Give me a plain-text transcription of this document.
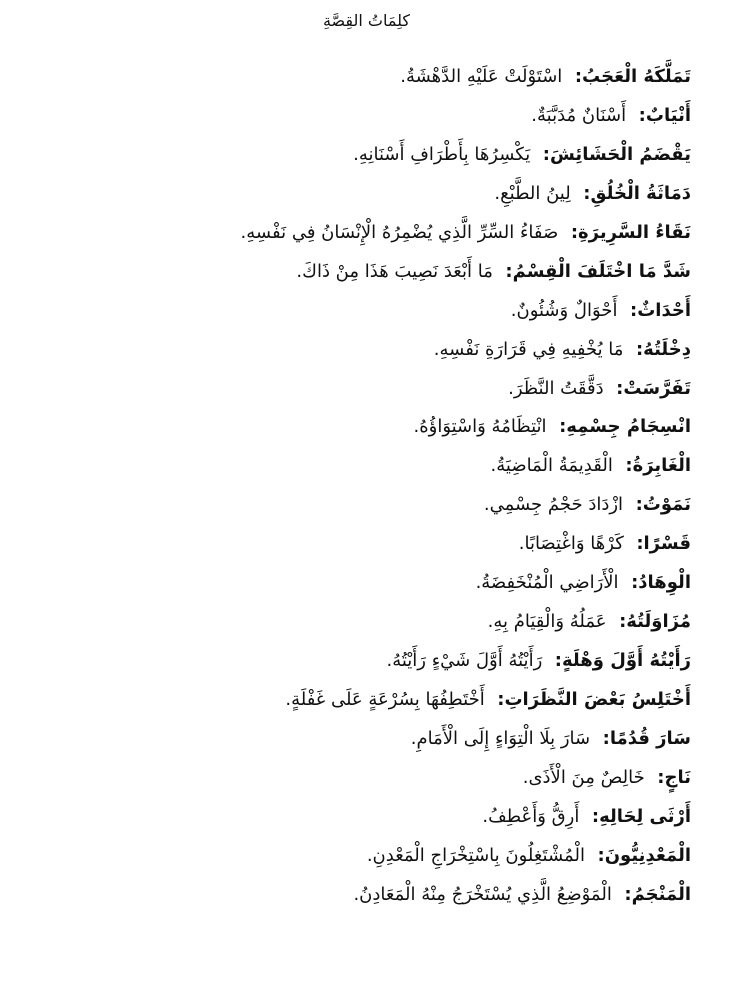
كلِمَاتُ القِصَّةِ
تَمَلَّكَهُ الْعَجَبُ:  اسْتَوْلَتْ عَلَيْهِ الدَّهْشَةُ.
أَنْيَابٌ:  أَسْنَانٌ مُدَبَّبَةٌ.
يَقْضَمُ الْحَشَائِشَ:  يَكْسِرُهَا بِأَطْرَافِ أَسْنَانِهِ.
دَمَاثَةُ الْخُلُقِ:  لِينُ الطَّبْعِ.
نَقَاءُ السَّرِيرَةِ:  صَفَاءُ السِّرِّ الَّذِي يُضْمِرُهُ الْإِنْسَانُ فِي نَفْسِهِ.
شَدَّ مَا اخْتَلَفَ الْقِسْمُ:  مَا أَبْعَدَ نَصِيبَ هَذَا مِنْ ذَاكَ.
أَحْدَاثٌ:  أَحْوَالٌ وَشُئُونٌ.
دِخْلَتُهُ:  مَا يُخْفِيهِ فِي قَرَارَةِ نَفْسِهِ.
تَفَرَّسَتْ:  دَقَّقَتُ النَّظَرَ.
انْسِجَامُ جِسْمِهِ:  انْتِظَامُهُ وَاسْتِوَاؤُهُ.
الْغَابِرَةُ:  الْقَدِيمَةُ الْمَاضِيَةُ.
نَمَوْتُ:  ازْدَادَ حَجْمُ جِسْمِي.
قَسْرًا:  كَرْهًا وَاغْتِصَابًا.
الْوِهَادُ:  الْأَرَاضِي الْمُنْخَفِضَةُ.
مُزَاوَلَتُهُ:  عَمَلُهُ وَالْقِيَامُ بِهِ.
رَأَيْتُهُ أَوَّلَ وَهْلَةٍ:  رَأَيْتُهُ أَوَّلَ شَيْءٍ رَأَيْتُهُ.
أَخْتَلِسُ بَعْضَ النَّظَرَاتِ:  أَخْتَطِفُهَا بِسُرْعَةٍ عَلَى غَفْلَةٍ.
سَارَ قُدُمًا:  سَارَ بِلَا الْتِوَاءٍ إِلَى الْأَمَامِ.
نَاجٍ:  خَالِصٌ مِنَ الْأَذَى.
أَرْثَى لِحَالِهِ:  أَرِقُّ وَأَعْطِفُ.
الْمَعْدِنِيُّونَ:  الْمُشْتَغِلُونَ بِاسْتِخْرَاجِ الْمَعْدِنِ.
الْمَنْجَمُ:  الْمَوْضِعُ الَّذِي يُسْتَخْرَجُ مِنْهُ الْمَعَادِنُ.
